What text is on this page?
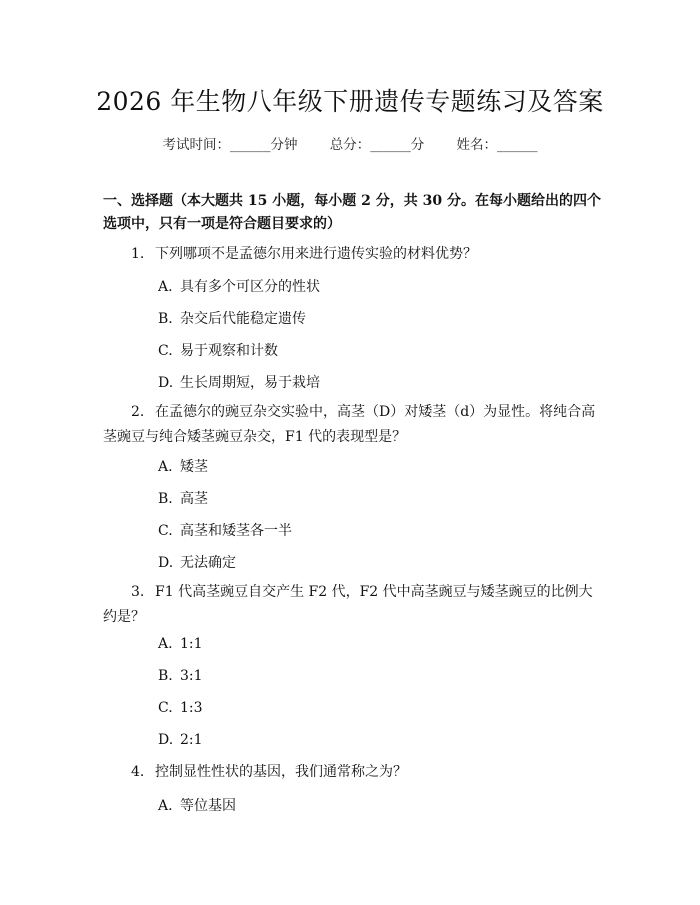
2026 年生物八年级下册遗传专题练习及答案
考试时间：______分钟 总分：______分 姓名：______
一、选择题（本大题共 15 小题，每小题 2 分，共 30 分。在每小题给出的四个选项中，只有一项是符合题目要求的）
1. 下列哪项不是孟德尔用来进行遗传实验的材料优势？
A. 具有多个可区分的性状
B. 杂交后代能稳定遗传
C. 易于观察和计数
D. 生长周期短，易于栽培
2. 在孟德尔的豌豆杂交实验中，高茎（D）对矮茎（d）为显性。将纯合高茎豌豆与纯合矮茎豌豆杂交，F1 代的表现型是？
A. 矮茎
B. 高茎
C. 高茎和矮茎各一半
D. 无法确定
3. F1 代高茎豌豆自交产生 F2 代，F2 代中高茎豌豆与矮茎豌豆的比例大约是？
A. 1:1
B. 3:1
C. 1:3
D. 2:1
4. 控制显性性状的基因，我们通常称之为？
A. 等位基因
